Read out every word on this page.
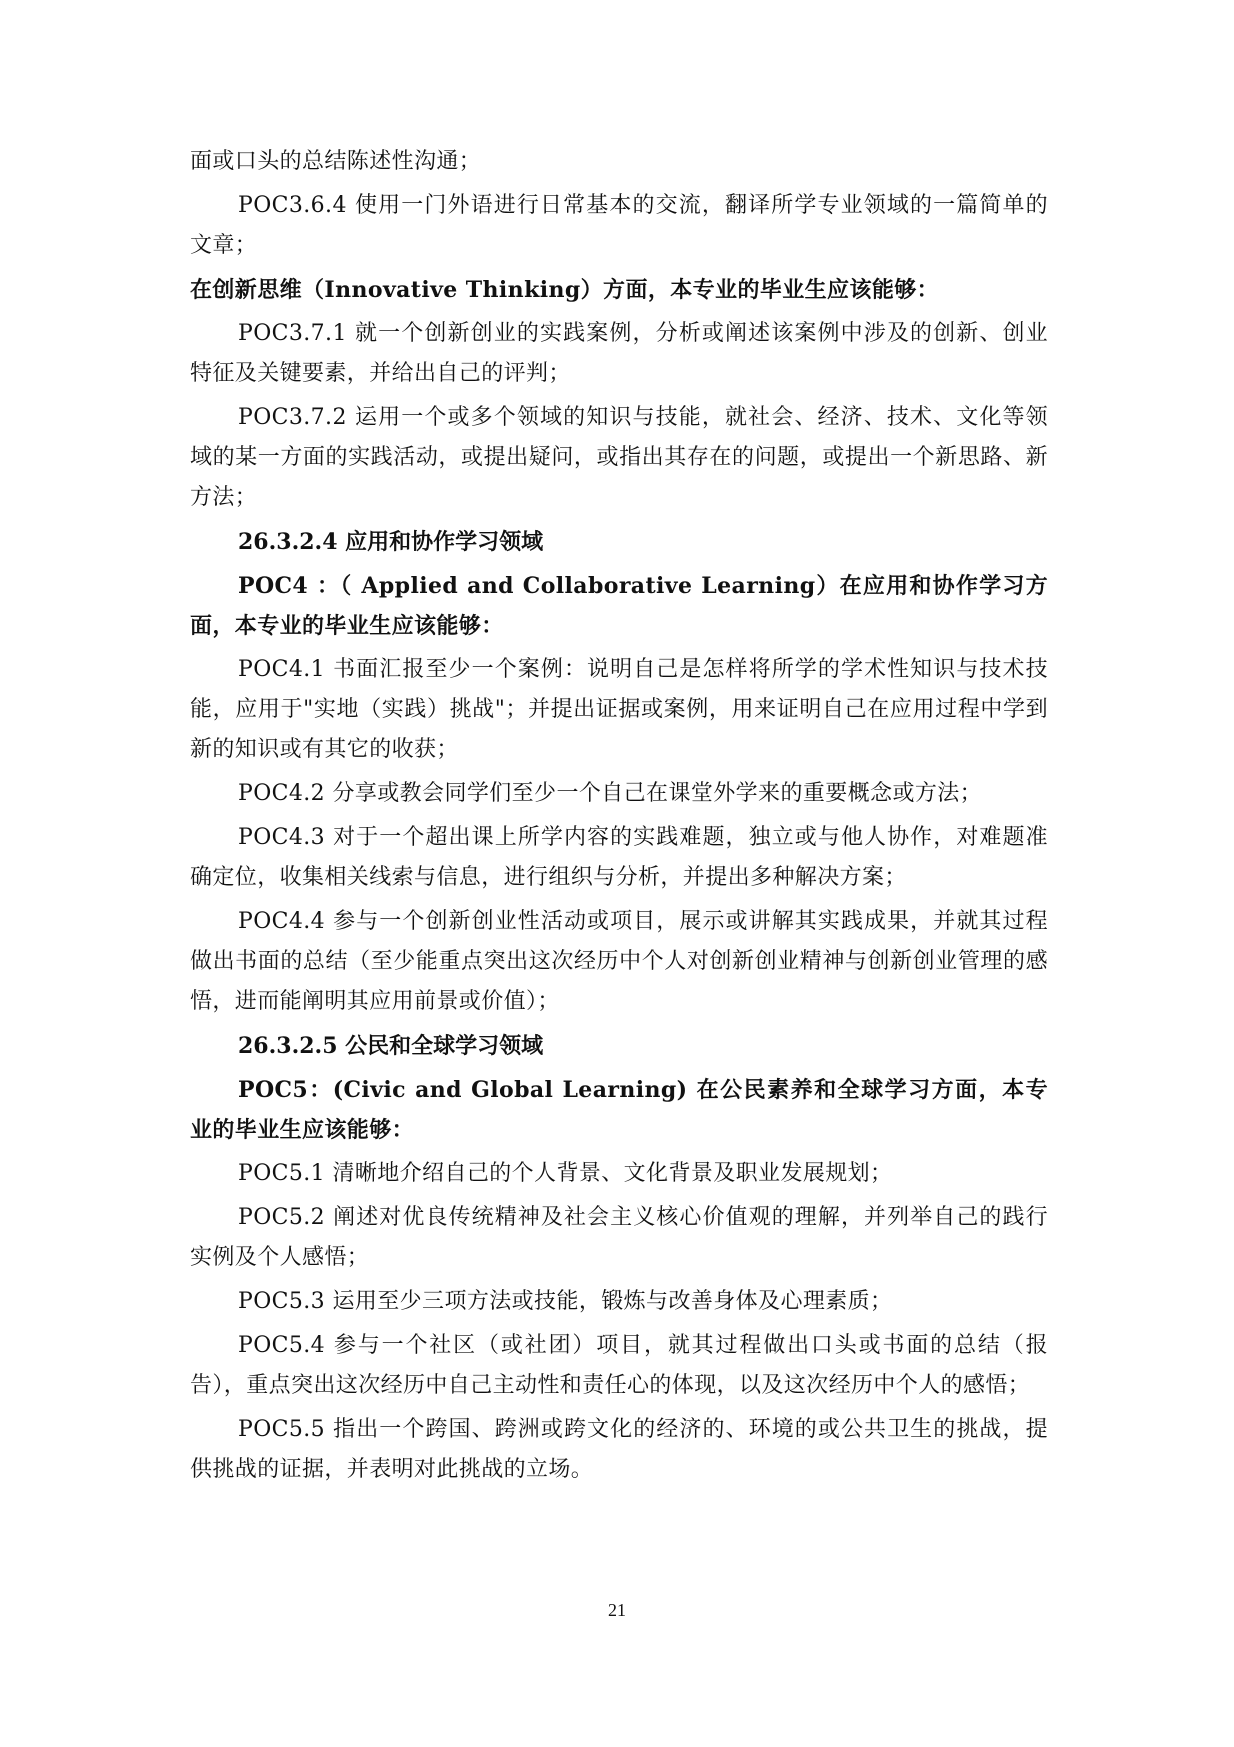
面或口头的总结陈述性沟通；

POC3.6.4 使用一门外语进行日常基本的交流，翻译所学专业领域的一篇简单的文章；

在创新思维（Innovative Thinking）方面，本专业的毕业生应该能够：

POC3.7.1 就一个创新创业的实践案例，分析或阐述该案例中涉及的创新、创业特征及关键要素，并给出自己的评判；

POC3.7.2 运用一个或多个领域的知识与技能，就社会、经济、技术、文化等领域的某一方面的实践活动，或提出疑问，或指出其存在的问题，或提出一个新思路、新方法；

26.3.2.4 应用和协作学习领域

POC4 ：（ Applied and Collaborative Learning）在应用和协作学习方面，本专业的毕业生应该能够：

POC4.1 书面汇报至少一个案例：说明自己是怎样将所学的学术性知识与技术技能，应用于"实地（实践）挑战"；并提出证据或案例，用来证明自己在应用过程中学到新的知识或有其它的收获；

POC4.2 分享或教会同学们至少一个自己在课堂外学来的重要概念或方法；

POC4.3 对于一个超出课上所学内容的实践难题，独立或与他人协作，对难题准确定位，收集相关线索与信息，进行组织与分析，并提出多种解决方案；

POC4.4 参与一个创新创业性活动或项目，展示或讲解其实践成果，并就其过程做出书面的总结（至少能重点突出这次经历中个人对创新创业精神与创新创业管理的感悟，进而能阐明其应用前景或价值）；

26.3.2.5 公民和全球学习领域

POC5：(Civic and Global Learning) 在公民素养和全球学习方面，本专业的毕业生应该能够：

POC5.1 清晰地介绍自己的个人背景、文化背景及职业发展规划；

POC5.2 阐述对优良传统精神及社会主义核心价值观的理解，并列举自己的践行实例及个人感悟；

POC5.3 运用至少三项方法或技能，锻炼与改善身体及心理素质；

POC5.4 参与一个社区（或社团）项目，就其过程做出口头或书面的总结（报告），重点突出这次经历中自己主动性和责任心的体现，以及这次经历中个人的感悟；

POC5.5 指出一个跨国、跨洲或跨文化的经济的、环境的或公共卫生的挑战，提供挑战的证据，并表明对此挑战的立场。

21
